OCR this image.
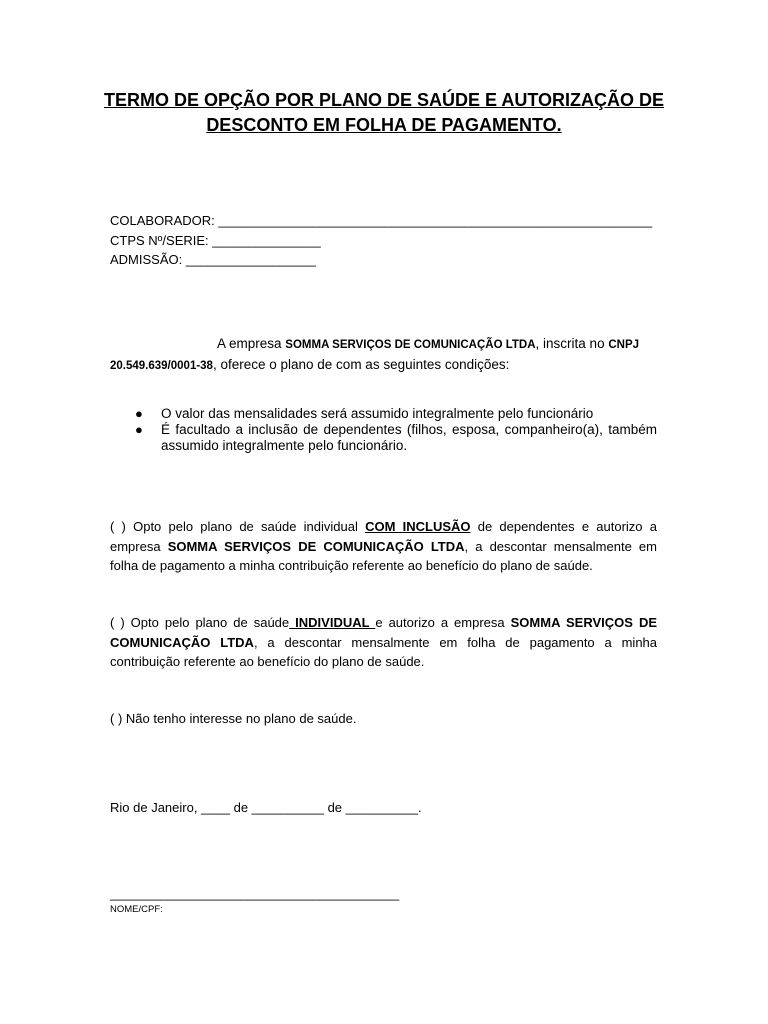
TERMO DE OPÇÃO POR PLANO DE SAÚDE E AUTORIZAÇÃO DE DESCONTO EM FOLHA DE PAGAMENTO.
COLABORADOR: ____________________________________________________________
CTPS Nº/SERIE: _______________
ADMISSÃO: __________________
A empresa SOMMA SERVIÇOS DE COMUNICAÇÃO LTDA, inscrita no CNPJ 20.549.639/0001-38, oferece o plano de com as seguintes condições:
● O valor das mensalidades será assumido integralmente pelo funcionário
● É facultado a inclusão de dependentes (filhos, esposa, companheiro(a), também assumido integralmente pelo funcionário.
( ) Opto pelo plano de saúde individual COM INCLUSÃO de dependentes e autorizo a empresa SOMMA SERVIÇOS DE COMUNICAÇÃO LTDA, a descontar mensalmente em folha de pagamento a minha contribuição referente ao benefício do plano de saúde.
( ) Opto pelo plano de saúde INDIVIDUAL e autorizo a empresa SOMMA SERVIÇOS DE COMUNICAÇÃO LTDA, a descontar mensalmente em folha de pagamento a minha contribuição referente ao benefício do plano de saúde.
( ) Não tenho interesse no plano de saúde.
Rio de Janeiro, ____ de __________ de __________.
________________________________________
NOME/CPF:
